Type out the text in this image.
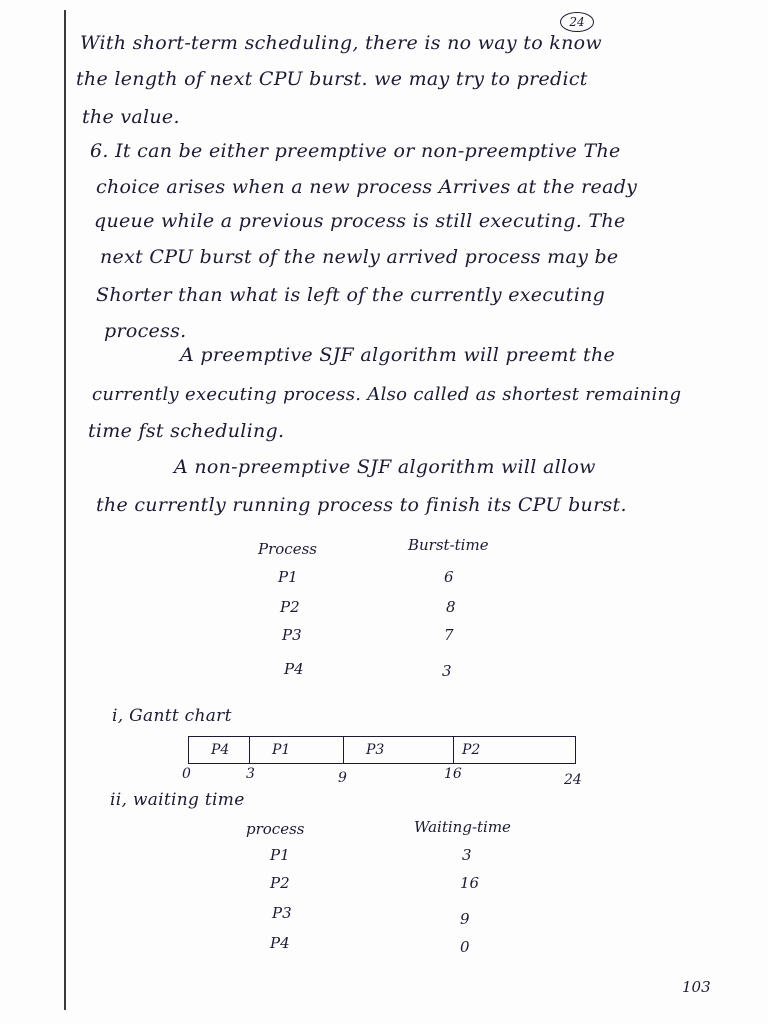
24
With short-term scheduling, there is no way to know
the length of next CPU burst. we may try to predict
the value.
6. It can be either preemptive or non-preemptive The
choice arises when a new process Arrives at the ready
queue while a previous process is still executing. The
next CPU burst of the newly arrived process may be
Shorter than what is left of the currently executing
process.
A preemptive SJF algorithm will preemt the
currently executing process. Also called as shortest remaining
time fst scheduling.
A non-preemptive SJF algorithm will allow
the currently running process to finish its CPU burst.
Process	Burst-time
P1	6
P2	8
P3	7
P4	3
i, Gantt chart
P4	P1	P3	P2
0	3	9	16	24
ii, waiting time
process	Waiting-time
P1	3
P2	16
P3	9
P4	0
103
